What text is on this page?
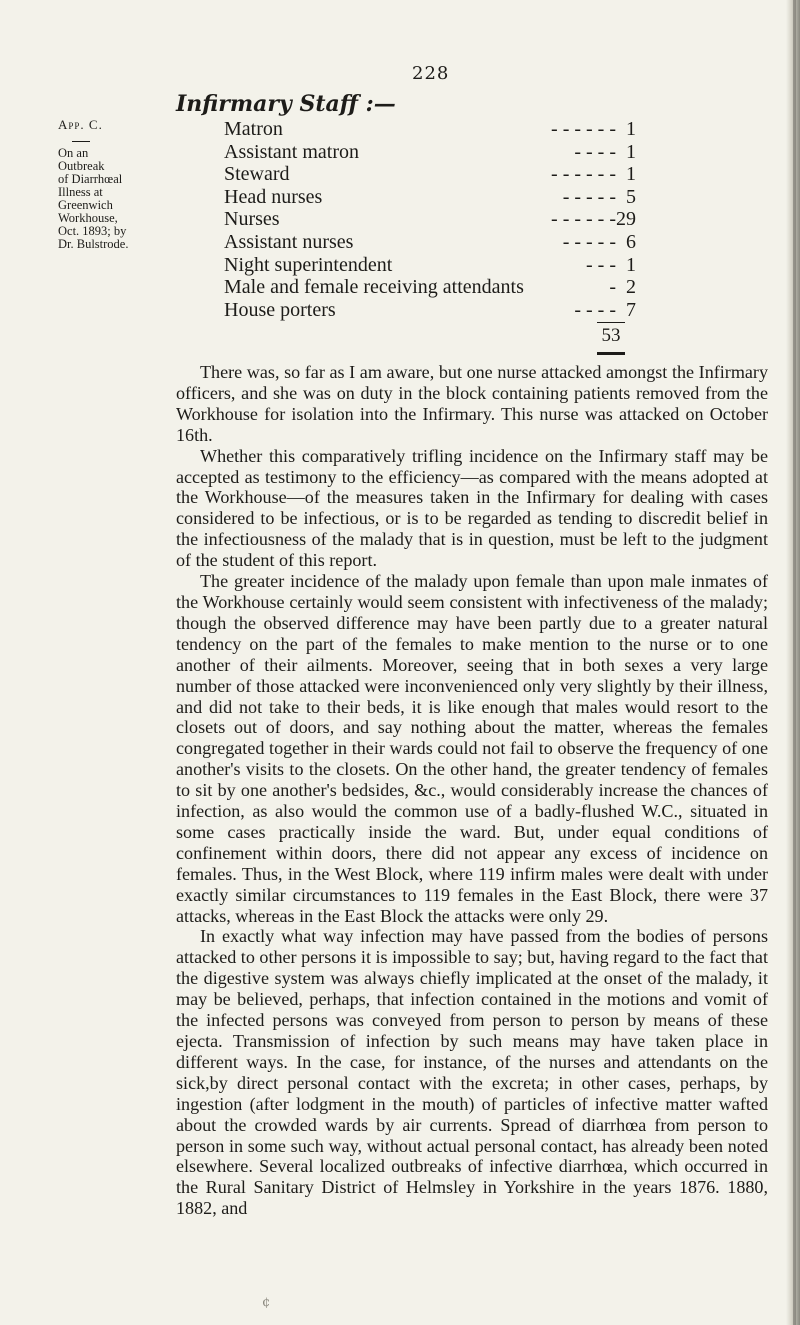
228
App. C.
On an Outbreak
of Diarrhœal
Illness at
Greenwich
Workhouse,
Oct. 1893; by
Dr. Bulstrode.
Infirmary Staff :—
Matron	- - - - - - 1
Assistant matron	- - - - 1
Steward	- - - - - - 1
Head nurses	- - - - - 5
Nurses	- - - - - - 29
Assistant nurses	- - - - - 6
Night superintendent	- - - 1
Male and female receiving attendants	- 2
House porters	- - - - 7
53

There was, so far as I am aware, but one nurse attacked amongst the Infirmary officers, and she was on duty in the block containing patients removed from the Workhouse for isolation into the Infirmary. This nurse was attacked on October 16th.

Whether this comparatively trifling incidence on the Infirmary staff may be accepted as testimony to the efficiency—as compared with the means adopted at the Workhouse—of the measures taken in the Infirmary for dealing with cases considered to be infectious, or is to be regarded as tending to discredit belief in the infectiousness of the malady that is in question, must be left to the judgment of the student of this report.

The greater incidence of the malady upon female than upon male inmates of the Workhouse certainly would seem consistent with infectiveness of the malady; though the observed difference may have been partly due to a greater natural tendency on the part of the females to make mention to the nurse or to one another of their ailments. Moreover, seeing that in both sexes a very large number of those attacked were inconvenienced only very slightly by their illness, and did not take to their beds, it is like enough that males would resort to the closets out of doors, and say nothing about the matter, whereas the females congregated together in their wards could not fail to observe the frequency of one another's visits to the closets. On the other hand, the greater tendency of females to sit by one another's bedsides, &c., would considerably increase the chances of infection, as also would the common use of a badly-flushed W.C., situated in some cases practically inside the ward. But, under equal conditions of confinement within doors, there did not appear any excess of incidence on females. Thus, in the West Block, where 119 infirm males were dealt with under exactly similar circumstances to 119 females in the East Block, there were 37 attacks, whereas in the East Block the attacks were only 29.

In exactly what way infection may have passed from the bodies of persons attacked to other persons it is impossible to say; but, having regard to the fact that the digestive system was always chiefly implicated at the onset of the malady, it may be believed, perhaps, that infection contained in the motions and vomit of the infected persons was conveyed from person to person by means of these ejecta. Transmission of infection by such means may have taken place in different ways. In the case, for instance, of the nurses and attendants on the sick,by direct personal contact with the excreta; in other cases, perhaps, by ingestion (after lodgment in the mouth) of particles of infective matter wafted about the crowded wards by air currents. Spread of diarrhœa from person to person in some such way, without actual personal contact, has already been noted elsewhere. Several localized outbreaks of infective diarrhœa, which occurred in the Rural Sanitary District of Helmsley in Yorkshire in the years 1876. 1880, 1882, and

¢
